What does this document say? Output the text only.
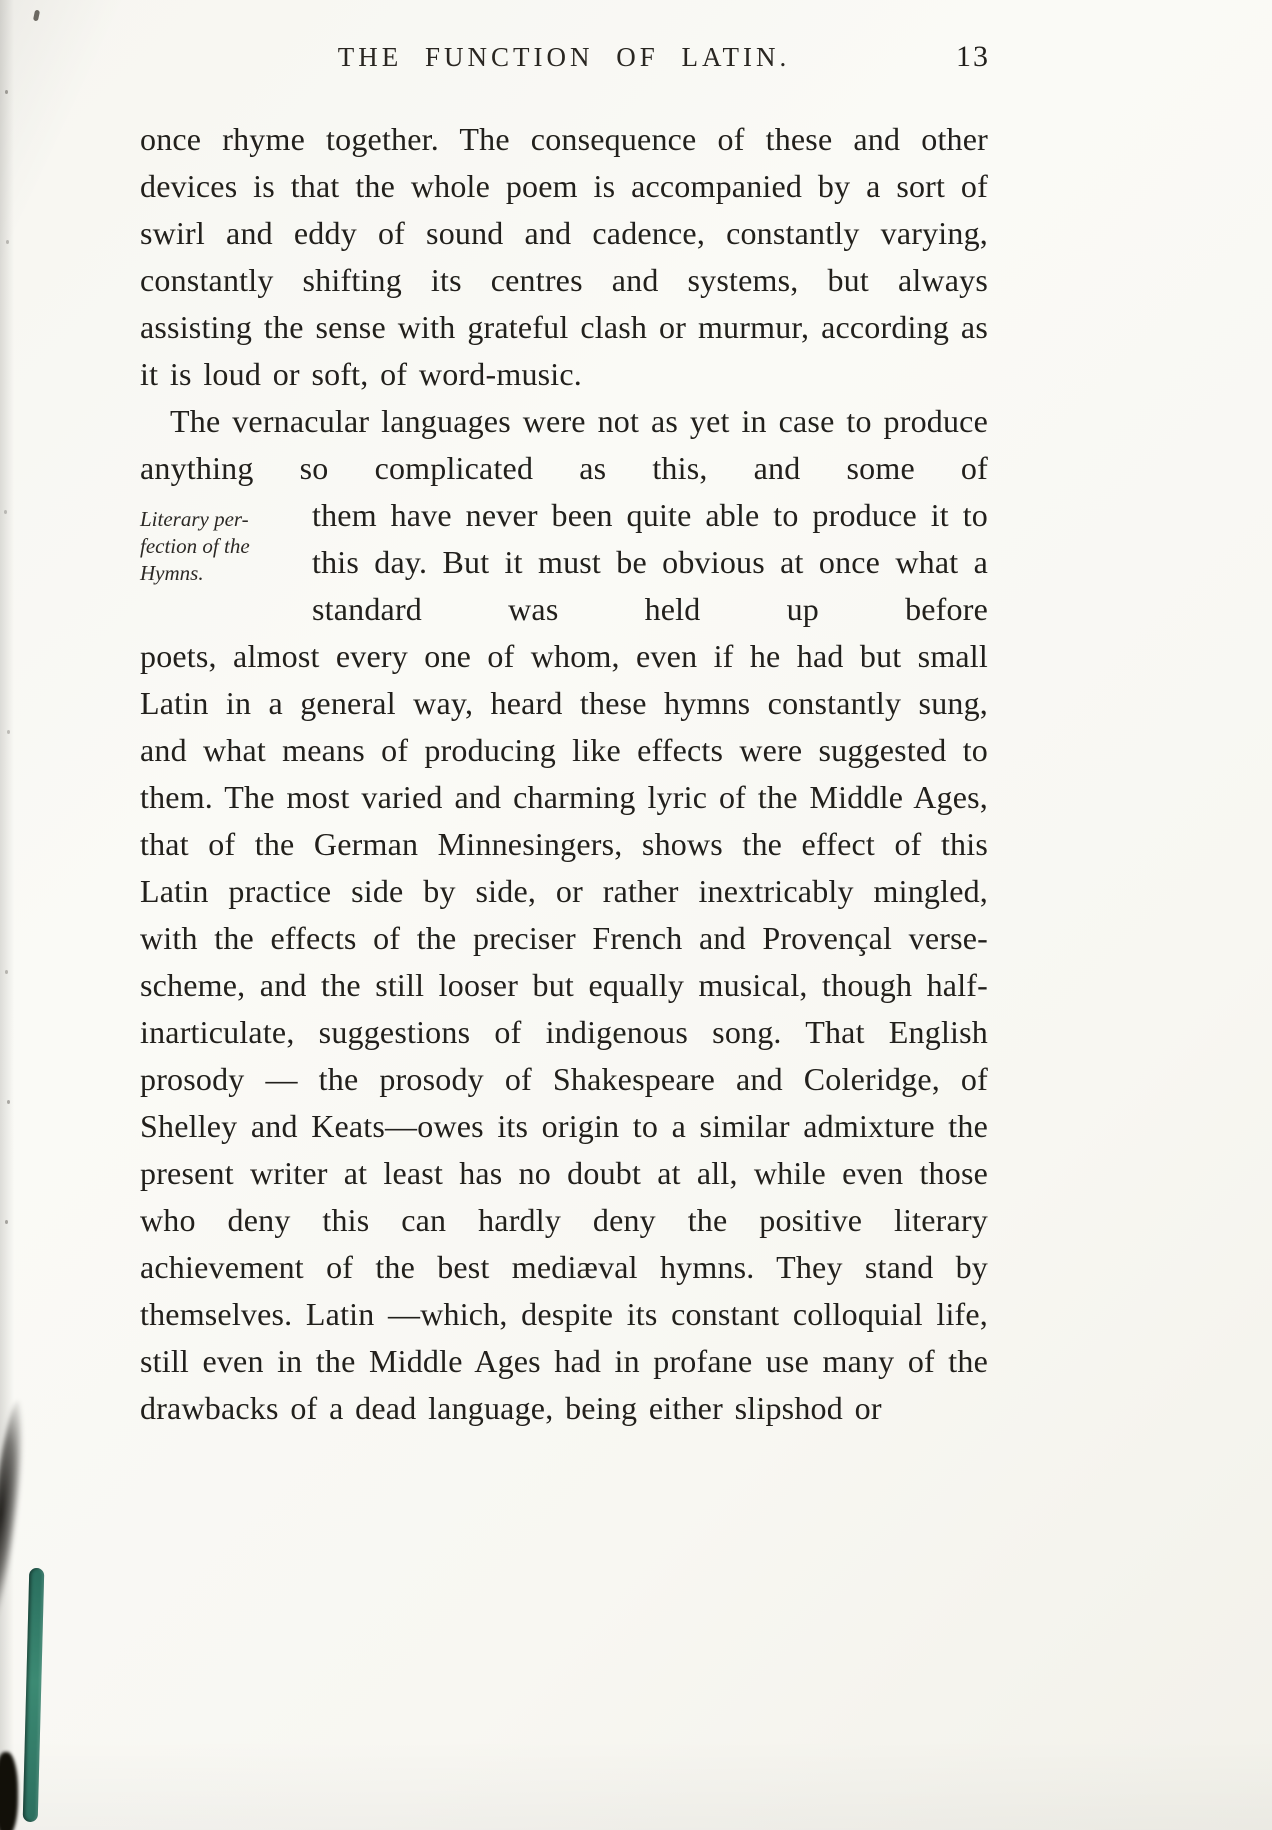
THE FUNCTION OF LATIN.	13

once rhyme together. The consequence of these and other devices is that the whole poem is accompanied by a sort of swirl and eddy of sound and cadence, constantly varying, constantly shifting its centres and systems, but always assisting the sense with grateful clash or murmur, according as it is loud or soft, of word-music.

The vernacular languages were not as yet in case to produce anything so complicated as this, and some of
Literary per-
fection of the
Hymns.
them have never been quite able to produce it to this day. But it must be obvious at once what a standard was held up before
poets, almost every one of whom, even if he had but small Latin in a general way, heard these hymns constantly sung, and what means of producing like effects were suggested to them. The most varied and charming lyric of the Middle Ages, that of the German Minnesingers, shows the effect of this Latin practice side by side, or rather inextricably mingled, with the effects of the preciser French and Provençal verse-scheme, and the still looser but equally musical, though half-inarticulate, suggestions of indigenous song. That English prosody — the prosody of Shakespeare and Coleridge, of Shelley and Keats—owes its origin to a similar admixture the present writer at least has no doubt at all, while even those who deny this can hardly deny the positive literary achievement of the best mediæval hymns. They stand by themselves. Latin —which, despite its constant colloquial life, still even in the Middle Ages had in profane use many of the drawbacks of a dead language, being either slipshod or
